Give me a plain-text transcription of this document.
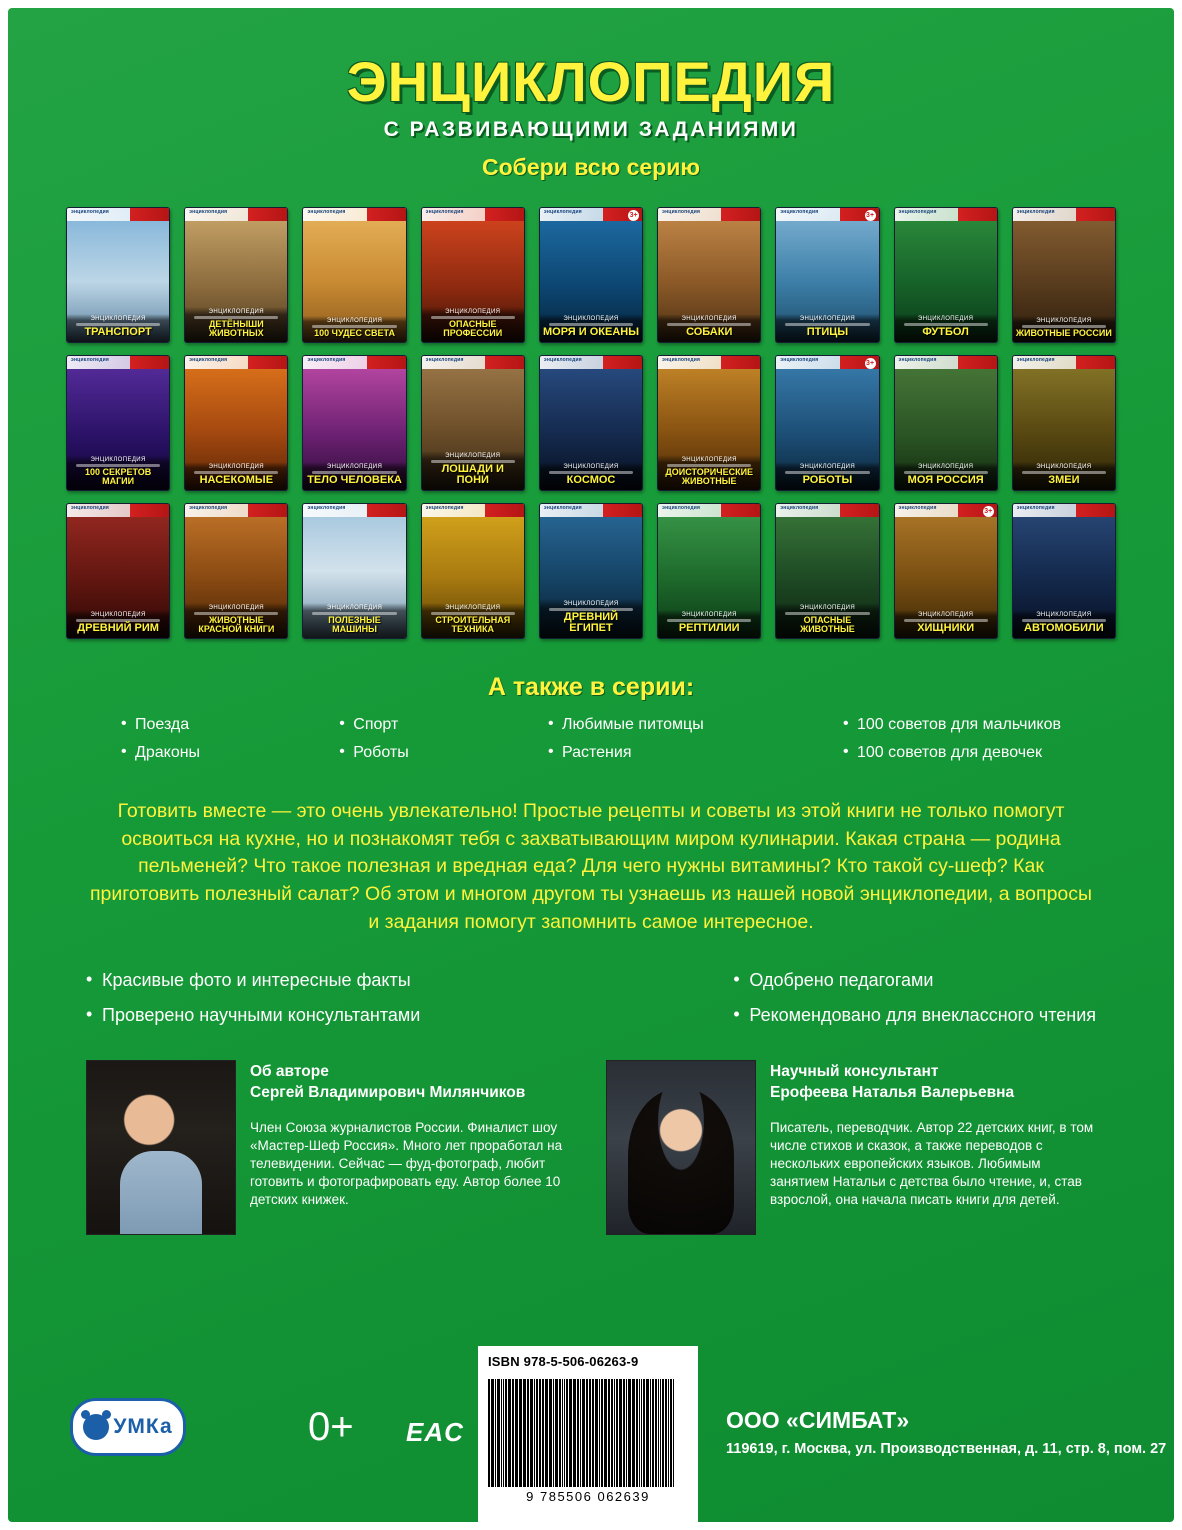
ЭНЦИКЛОПЕДИЯ
С РАЗВИВАЮЩИМИ ЗАДАНИЯМИ
Собери всю серию
энциклопедия
ЭНЦИКЛОПЕДИЯ
ТРАНСПОРТ
энциклопедия
ЭНЦИКЛОПЕДИЯ
ДЕТЁНЫШИ ЖИВОТНЫХ
энциклопедия
ЭНЦИКЛОПЕДИЯ
100 ЧУДЕС СВЕТА
энциклопедия
ЭНЦИКЛОПЕДИЯ
ОПАСНЫЕ ПРОФЕССИИ
энциклопедия	3+
ЭНЦИКЛОПЕДИЯ
МОРЯ И ОКЕАНЫ
энциклопедия
ЭНЦИКЛОПЕДИЯ
СОБАКИ
энциклопедия	3+
ЭНЦИКЛОПЕДИЯ
ПТИЦЫ
энциклопедия
ЭНЦИКЛОПЕДИЯ
ФУТБОЛ
энциклопедия
ЭНЦИКЛОПЕДИЯ
ЖИВОТНЫЕ РОССИИ
энциклопедия
ЭНЦИКЛОПЕДИЯ
100 СЕКРЕТОВ МАГИИ
энциклопедия
ЭНЦИКЛОПЕДИЯ
НАСЕКОМЫЕ
энциклопедия
ЭНЦИКЛОПЕДИЯ
ТЕЛО ЧЕЛОВЕКА
энциклопедия
ЭНЦИКЛОПЕДИЯ
ЛОШАДИ И ПОНИ
энциклопедия
ЭНЦИКЛОПЕДИЯ
КОСМОС
энциклопедия
ЭНЦИКЛОПЕДИЯ
ДОИСТОРИЧЕСКИЕ ЖИВОТНЫЕ
энциклопедия	3+
ЭНЦИКЛОПЕДИЯ
РОБОТЫ
энциклопедия
ЭНЦИКЛОПЕДИЯ
МОЯ РОССИЯ
энциклопедия
ЭНЦИКЛОПЕДИЯ
ЗМЕИ
энциклопедия
ЭНЦИКЛОПЕДИЯ
ДРЕВНИЙ РИМ
энциклопедия
ЭНЦИКЛОПЕДИЯ
ЖИВОТНЫЕ КРАСНОЙ КНИГИ
энциклопедия
ЭНЦИКЛОПЕДИЯ
ПОЛЕЗНЫЕ МАШИНЫ
энциклопедия
ЭНЦИКЛОПЕДИЯ
СТРОИТЕЛЬНАЯ ТЕХНИКА
энциклопедия
ЭНЦИКЛОПЕДИЯ
ДРЕВНИЙ ЕГИПЕТ
энциклопедия
ЭНЦИКЛОПЕДИЯ
РЕПТИЛИИ
энциклопедия
ЭНЦИКЛОПЕДИЯ
ОПАСНЫЕ ЖИВОТНЫЕ
энциклопедия	3+
ЭНЦИКЛОПЕДИЯ
ХИЩНИКИ
энциклопедия
ЭНЦИКЛОПЕДИЯ
АВТОМОБИЛИ
А также в серии:
• Поезда
• Драконы
• Спорт
• Роботы
• Любимые питомцы
• Растения
• 100 советов для мальчиков
• 100 советов для девочек
Готовить вместе — это очень увлекательно! Простые рецепты и советы из этой книги не только помогут освоиться на кухне, но и познакомят тебя с захватывающим миром кулинарии. Какая страна — родина пельменей? Что такое полезная и вредная еда? Для чего нужны витамины? Кто такой су-шеф? Как приготовить полезный салат? Об этом и многом другом ты узнаешь из нашей новой энциклопедии, а вопросы и задания помогут запомнить самое интересное.
• Красивые фото и интересные факты
• Проверено научными консультантами
• Одобрено педагогами
• Рекомендовано для внеклассного чтения
Об авторе
Сергей Владимирович Милянчиков
Член Союза журналистов России. Финалист шоу «Мастер-Шеф Россия». Много лет проработал на телевидении. Сейчас — фуд-фотограф, любит готовить и фотографировать еду. Автор более 10 детских книжек.
Научный консультант
Ерофеева Наталья Валерьевна
Писатель, переводчик. Автор 22 детских книг, в том числе стихов и сказок, а также переводов с нескольких европейских языков. Любимым занятием Натальи с детства было чтение, и, став взрослой, она начала писать книги для детей.
УМКа	0+ ЕAC
ISBN 978-5-506-06263-9
9 785506 062639
ООО «СИМБАТ»
119619, г. Москва, ул. Производственная, д. 11, стр. 8, пом. 27
